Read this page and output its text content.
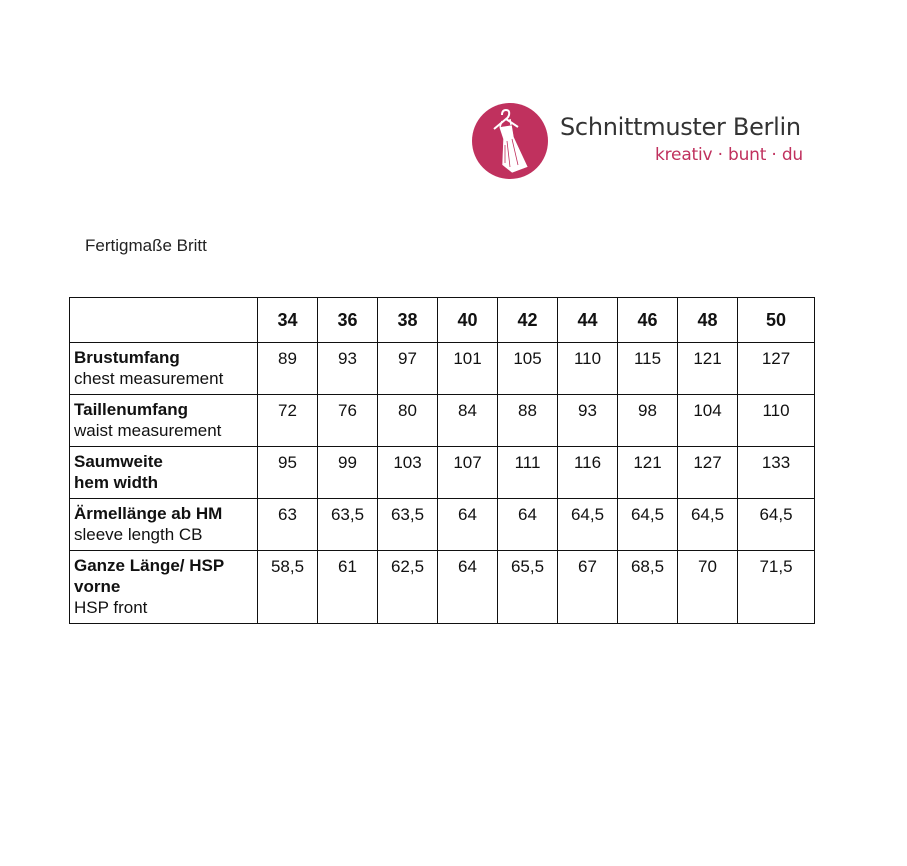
Schnittmuster Berlin
kreativ · bunt · du
Fertigmaße Britt
	34	36	38	40	42	44	46	48	50

Brustumfang
chest measurement	89	93	97	101	105	110	115	121	127

Taillenumfang
waist measurement	72	76	80	84	88	93	98	104	110

Saumweite
hem width	95	99	103	107	111	116	121	127	133

Ärmellänge ab HM
sleeve length CB	63	63,5	63,5	64	64	64,5	64,5	64,5	64,5

Ganze Länge/ HSP vorne
HSP front	58,5	61	62,5	64	65,5	67	68,5	70	71,5
